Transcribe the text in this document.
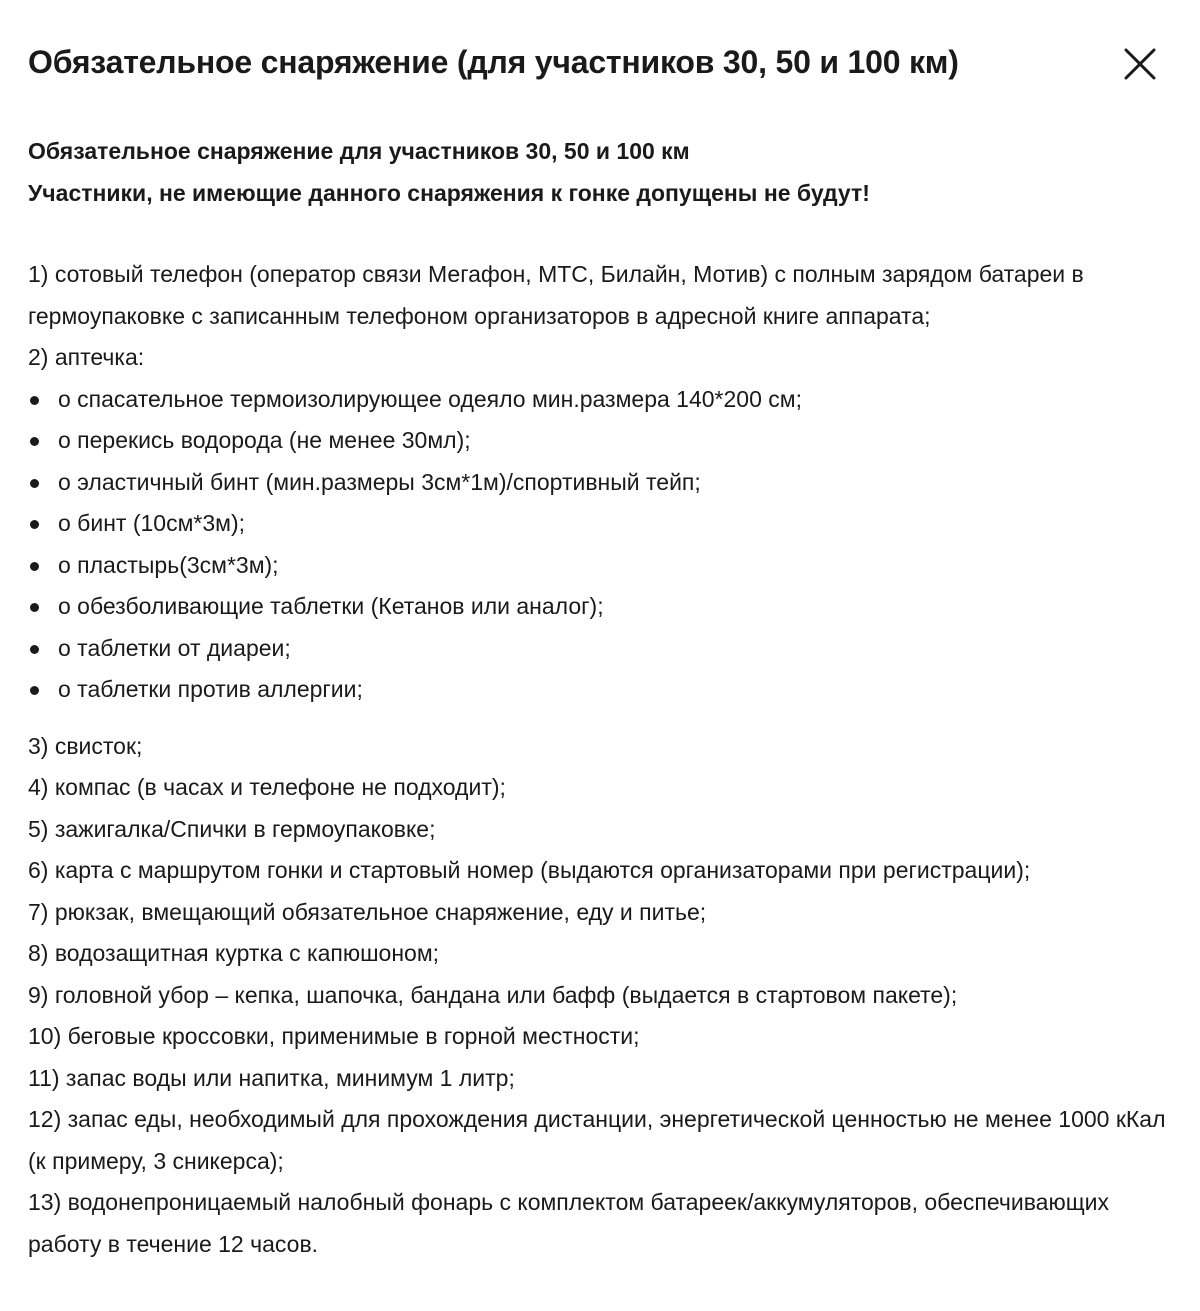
Обязательное снаряжение (для участников 30, 50 и 100 км)

Обязательное снаряжение для участников 30, 50 и 100 км

Участники, не имеющие данного снаряжения к гонке допущены не будут!

1) сотовый телефон (оператор связи Мегафон, МТС, Билайн, Мотив) с полным зарядом батареи в гермоупаковке с записанным телефоном организаторов в адресной книге аппарата;

2) аптечка:

о спасательное термоизолирующее одеяло мин.размера 140*200 см;
о перекись водорода (не менее 30мл);
о эластичный бинт (мин.размеры 3см*1м)/спортивный тейп;
о бинт (10см*3м);
о пластырь(3см*3м);
о обезболивающие таблетки (Кетанов или аналог);
о таблетки от диареи;
о таблетки против аллергии;

3) свисток;

4) компас (в часах и телефоне не подходит);

5) зажигалка/Спички в гермоупаковке;

6) карта с маршрутом гонки и стартовый номер (выдаются организаторами при регистрации);

7) рюкзак, вмещающий обязательное снаряжение, еду и питье;

8) водозащитная куртка с капюшоном;

9) головной убор – кепка, шапочка, бандана или бафф (выдается в стартовом пакете);

10) беговые кроссовки, применимые в горной местности;

11) запас воды или напитка, минимум 1 литр;

12) запас еды, необходимый для прохождения дистанции, энергетической ценностью не менее 1000 кКал (к примеру, 3 сникерса);

13) водонепроницаемый налобный фонарь с комплектом батареек/аккумуляторов, обеспечивающих работу в течение 12 часов.
